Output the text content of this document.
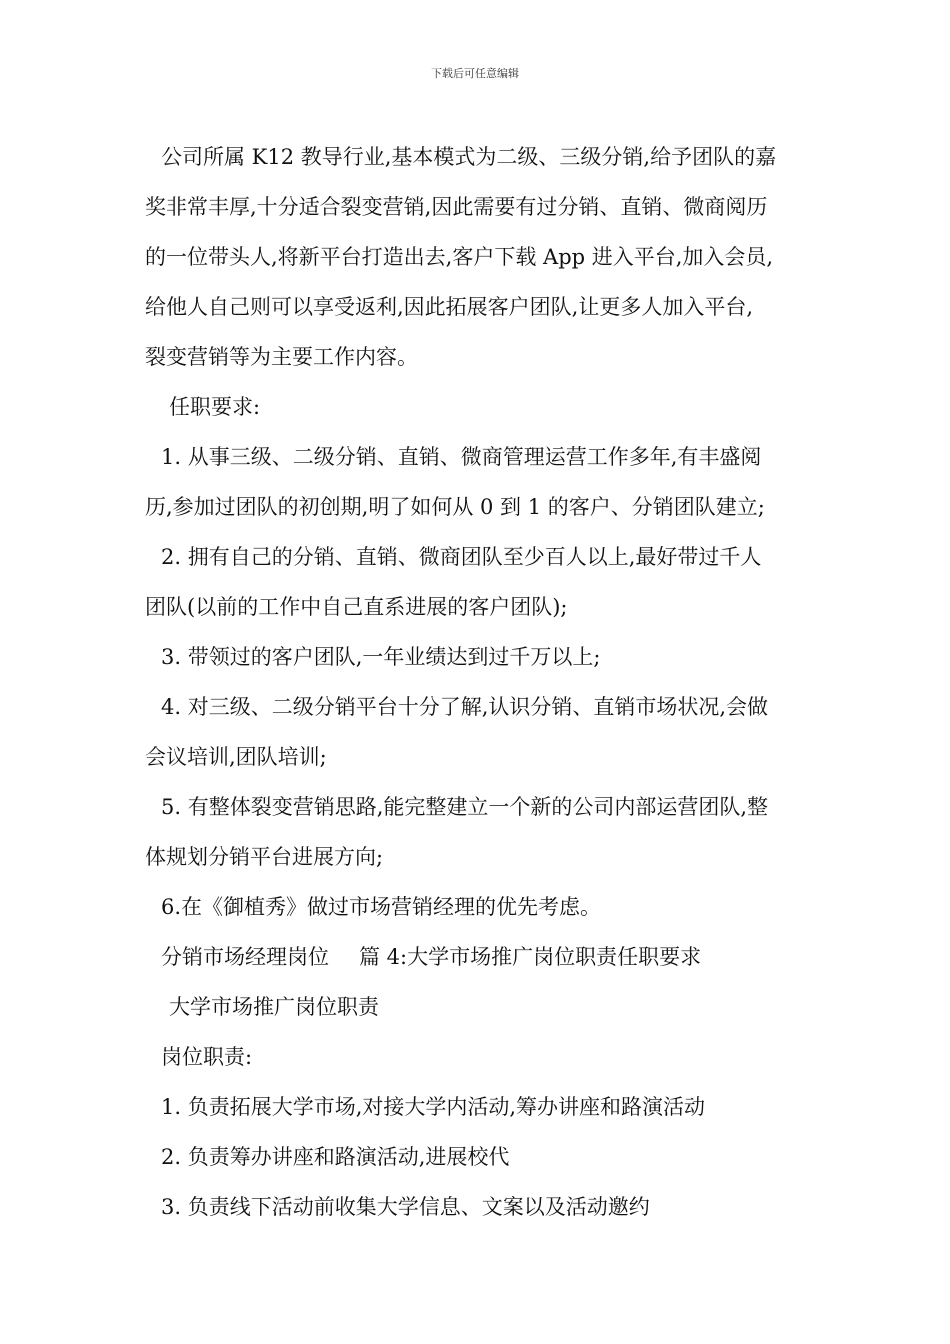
下载后可任意编辑

公司所属 K12 教导行业,基本模式为二级、三级分销,给予团队的嘉

奖非常丰厚,十分适合裂变营销,因此需要有过分销、直销、微商阅历

的一位带头人,将新平台打造出去,客户下载 App 进入平台,加入会员,

给他人自己则可以享受返利,因此拓展客户团队,让更多人加入平台,

裂变营销等为主要工作内容。

任职要求:

1. 从事三级、二级分销、直销、微商管理运营工作多年,有丰盛阅

历,参加过团队的初创期,明了如何从 0 到 1 的客户、分销团队建立;

2. 拥有自己的分销、直销、微商团队至少百人以上,最好带过千人

团队(以前的工作中自己直系进展的客户团队);

3. 带领过的客户团队,一年业绩达到过千万以上;

4. 对三级、二级分销平台十分了解,认识分销、直销市场状况,会做

会议培训,团队培训;

5. 有整体裂变营销思路,能完整建立一个新的公司内部运营团队,整

体规划分销平台进展方向;

6.在《御植秀》做过市场营销经理的优先考虑。

分销市场经理岗位 篇 4:大学市场推广岗位职责任职要求

大学市场推广岗位职责

岗位职责:

1. 负责拓展大学市场,对接大学内活动,筹办讲座和路演活动

2. 负责筹办讲座和路演活动,进展校代

3. 负责线下活动前收集大学信息、文案以及活动邀约
